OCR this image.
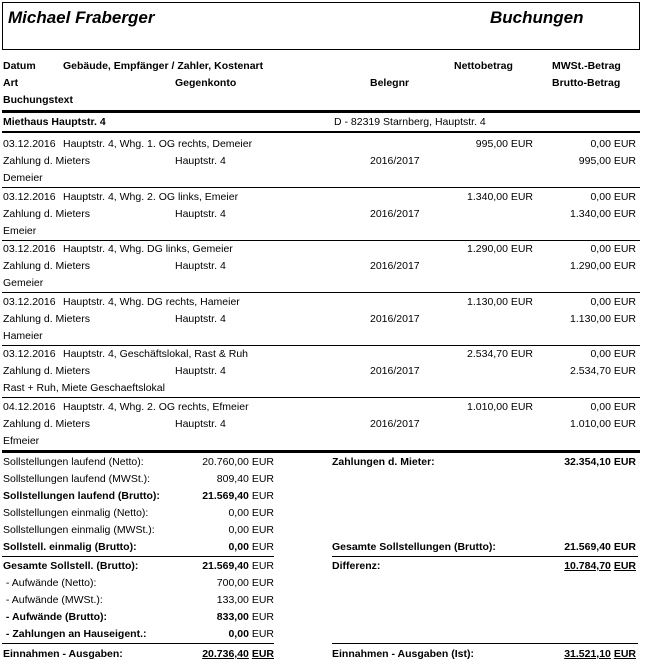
Michael Fraberger	Buchungen
Datum	Gebäude, Empfänger / Zahler, Kostenart	Nettobetrag	MWSt.-Betrag
Art	Gegenkonto	Belegnr	Brutto-Betrag
Buchungstext
Miethaus Hauptstr. 4	D - 82319 Starnberg, Hauptstr. 4
03.12.2016 Hauptstr. 4, Whg. 1. OG rechts, Demeier	995,00 EUR	0,00 EUR
Zahlung d. Mieters	Hauptstr. 4	2016/2017	995,00 EUR
Demeier
03.12.2016 Hauptstr. 4, Whg. 2. OG links, Emeier	1.340,00 EUR	0,00 EUR
Zahlung d. Mieters	Hauptstr. 4	2016/2017	1.340,00 EUR
Emeier
03.12.2016 Hauptstr. 4, Whg. DG links, Gemeier	1.290,00 EUR	0,00 EUR
Zahlung d. Mieters	Hauptstr. 4	2016/2017	1.290,00 EUR
Gemeier
03.12.2016 Hauptstr. 4, Whg. DG rechts, Hameier	1.130,00 EUR	0,00 EUR
Zahlung d. Mieters	Hauptstr. 4	2016/2017	1.130,00 EUR
Hameier
03.12.2016 Hauptstr. 4, Geschäftslokal, Rast & Ruh	2.534,70 EUR	0,00 EUR
Zahlung d. Mieters	Hauptstr. 4	2016/2017	2.534,70 EUR
Rast + Ruh, Miete Geschaeftslokal
04.12.2016 Hauptstr. 4, Whg. 2. OG rechts, Efmeier	1.010,00 EUR	0,00 EUR
Zahlung d. Mieters	Hauptstr. 4	2016/2017	1.010,00 EUR
Efmeier
Sollstellungen laufend (Netto):	20.760,00 EUR
Sollstellungen laufend (MWSt.):	809,40 EUR
Sollstellungen laufend (Brutto):	21.569,40 EUR
Sollstellungen einmalig (Netto):	0,00 EUR
Sollstellungen einmalig (MWSt.):	0,00 EUR
Sollstell. einmalig (Brutto):	0,00 EUR
Zahlungen d. Mieter:	32.354,10 EUR
Gesamte Sollstellungen (Brutto):	21.569,40 EUR
Gesamte Sollstell. (Brutto):	21.569,40 EUR
- Aufwände (Netto):	700,00 EUR
- Aufwände (MWSt.):	133,00 EUR
- Aufwände (Brutto):	833,00 EUR
- Zahlungen an Hauseigent.:	0,00 EUR
Differenz:	10.784,70 EUR
Einnahmen - Ausgaben:	20.736,40 EUR	Einnahmen - Ausgaben (Ist):	31.521,10 EUR
